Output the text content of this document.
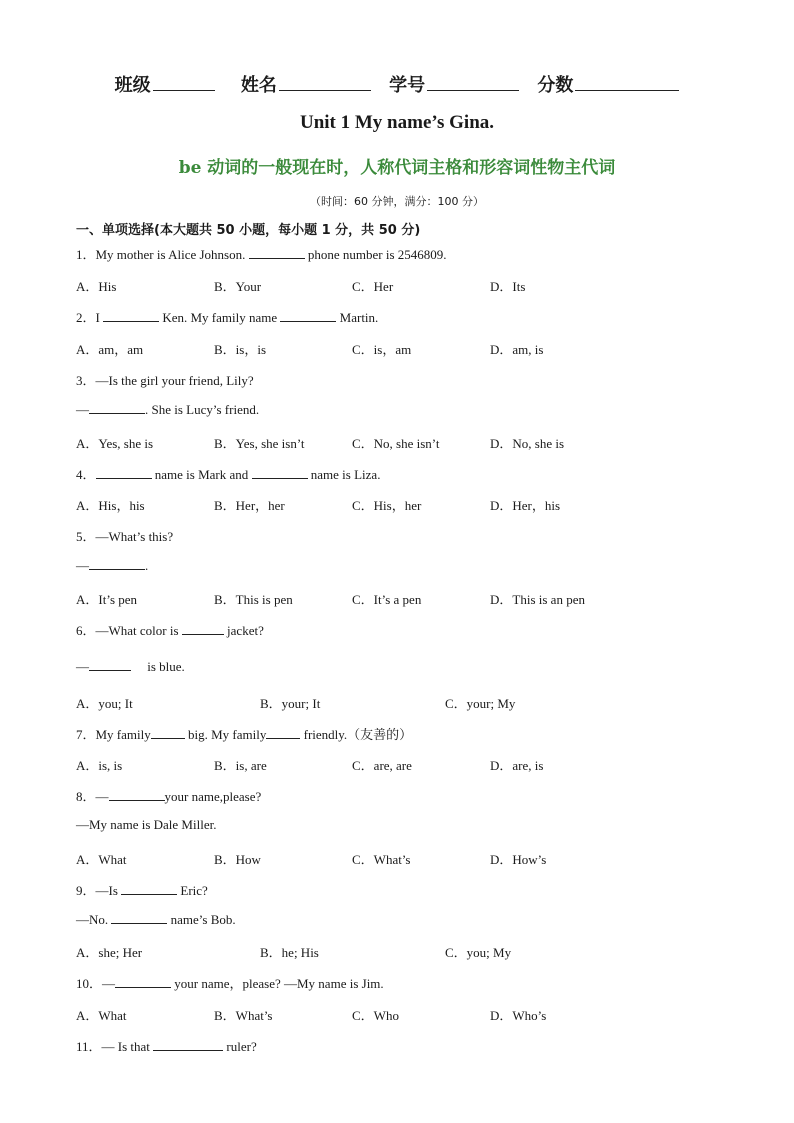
班级	姓名	学号	分数
Unit 1 My name’s Gina.
be 动词的一般现在时，人称代词主格和形容词性物主代词
（时间：60 分钟，满分：100 分）
一、单项选择(本大题共 50 小题，每小题 1 分，共 50 分)
1．My mother is Alice Johnson.	phone number is 2546809.
A．His	B．Your	C．Her	D．Its
2．I	Ken. My family name	Martin.
A．am，am	B．is，is	C．is，am	D．am, is
3．—Is the girl your friend, Lily?
—	. She is Lucy’s friend.
A．Yes, she is	B．Yes, she isn’t	C．No, she isn’t	D．No, she is
4．	name is Mark and	name is Liza.
A．His，his	B．Her，her	C．His，her	D．Her，his
5．—What’s this?
—	.
A．It’s pen	B．This is pen	C．It’s a pen	D．This is an pen
6．—What color is	jacket?
—	　 is blue.
A．you; It	B．your; It	C．your; My
7．My family	big. My family	friendly.（友善的）
A．is, is	B．is, are	C．are, are	D．are, is
8．—	your name,please?
—My name is Dale Miller.
A．What	B．How	C．What’s	D．How’s
9．—Is	Eric?
—No.	name’s Bob.
A．she; Her	B．he; His	C．you; My
10．—	your name，please? —My name is Jim.
A．What	B．What’s	C．Who	D．Who’s
11．— Is that	ruler?
